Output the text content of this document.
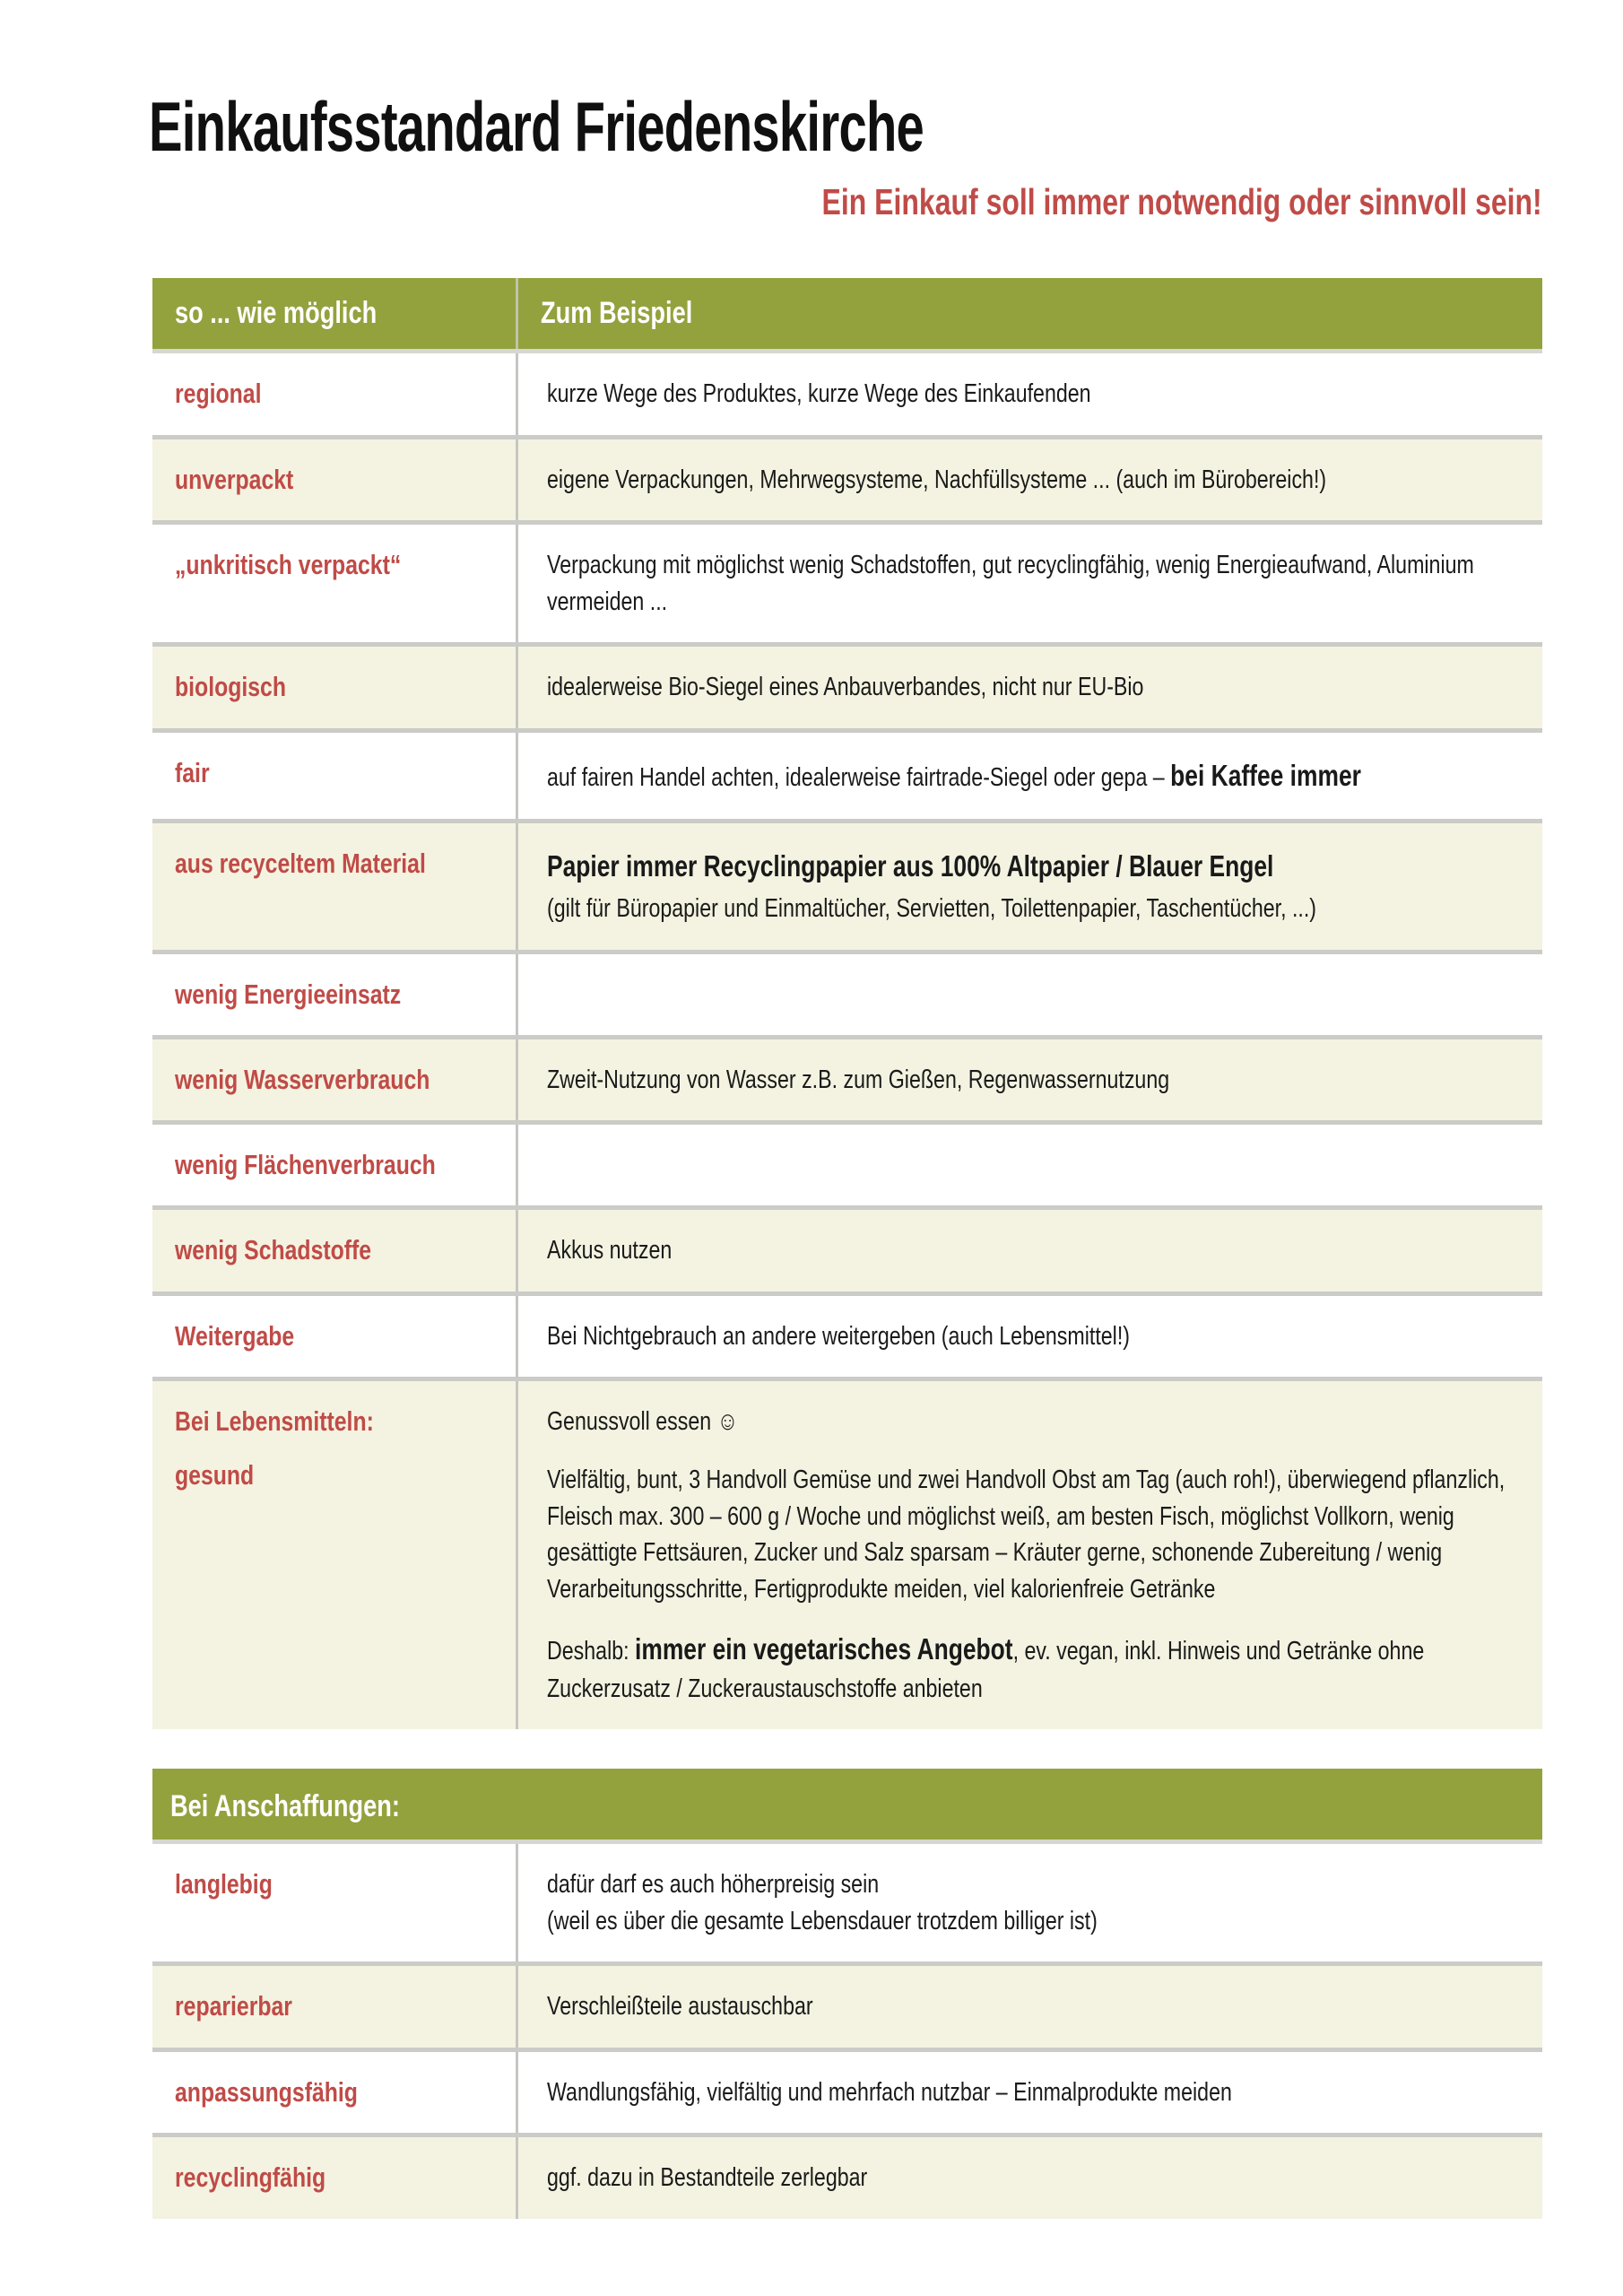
Einkaufsstandard Friedenskirche
Ein Einkauf soll immer notwendig oder sinnvoll sein!
so ... wie möglich	Zum Beispiel
regional	kurze Wege des Produktes, kurze Wege des Einkaufenden
unverpackt	eigene Verpackungen, Mehrwegsysteme, Nachfüllsysteme ... (auch im Bürobereich!)
„unkritisch verpackt“	Verpackung mit möglichst wenig Schadstoffen, gut recyclingfähig, wenig Energieaufwand, Aluminium vermeiden ...
biologisch	idealerweise Bio-Siegel eines Anbauverbandes, nicht nur EU-Bio
fair	auf fairen Handel achten, idealerweise fairtrade-Siegel oder gepa – bei Kaffee immer
aus recyceltem Material	Papier immer Recyclingpapier aus 100% Altpapier / Blauer Engel
(gilt für Büropapier und Einmaltücher, Servietten, Toilettenpapier, Taschentücher, ...)
wenig Energieeinsatz
wenig Wasserverbrauch	Zweit-Nutzung von Wasser z.B. zum Gießen, Regenwassernutzung
wenig Flächenverbrauch
wenig Schadstoffe	Akkus nutzen
Weitergabe	Bei Nichtgebrauch an andere weitergeben (auch Lebensmittel!)
Bei Lebensmitteln:
gesund

Genussvoll essen ☺

Vielfältig, bunt, 3 Handvoll Gemüse und zwei Handvoll Obst am Tag (auch roh!), überwiegend pflanzlich, Fleisch max. 300 – 600 g / Woche und möglichst weiß, am besten Fisch, möglichst Vollkorn, wenig gesättigte Fettsäuren, Zucker und Salz sparsam – Kräuter gerne, schonende Zubereitung / wenig Verarbeitungsschritte, Fertigprodukte meiden, viel kalorienfreie Getränke

Deshalb: immer ein vegetarisches Angebot, ev. vegan, inkl. Hinweis und Getränke ohne Zuckerzusatz / Zuckeraustauschstoffe anbieten

Bei Anschaffungen:
langlebig	dafür darf es auch höherpreisig sein
(weil es über die gesamte Lebensdauer trotzdem billiger ist)
reparierbar	Verschleißteile austauschbar
anpassungsfähig	Wandlungsfähig, vielfältig und mehrfach nutzbar – Einmalprodukte meiden
recyclingfähig	ggf. dazu in Bestandteile zerlegbar
